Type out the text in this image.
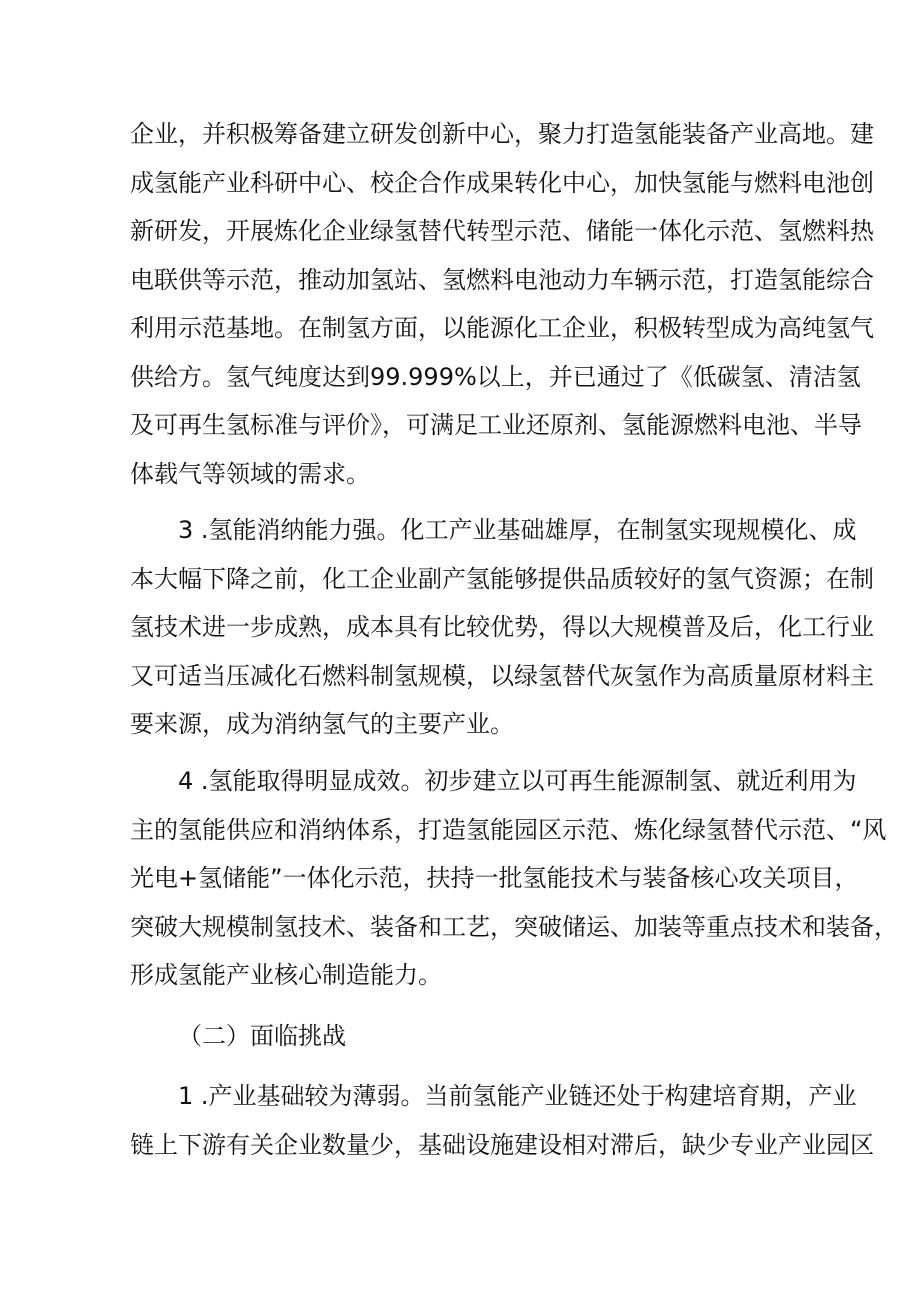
企业，并积极筹备建立研发创新中心，聚力打造氢能装备产业高地。建
成氢能产业科研中心、校企合作成果转化中心，加快氢能与燃料电池创
新研发，开展炼化企业绿氢替代转型示范、储能一体化示范、氢燃料热
电联供等示范，推动加氢站、氢燃料电池动力车辆示范，打造氢能综合
利用示范基地。在制氢方面，以能源化工企业，积极转型成为高纯氢气
供给方。氢气纯度达到99.999%以上，并已通过了《低碳氢、清洁氢
及可再生氢标准与评价》，可满足工业还原剂、氢能源燃料电池、半导
体载气等领域的需求。
3 .氢能消纳能力强。化工产业基础雄厚，在制氢实现规模化、成
本大幅下降之前，化工企业副产氢能够提供品质较好的氢气资源；在制
氢技术进一步成熟，成本具有比较优势，得以大规模普及后，化工行业
又可适当压减化石燃料制氢规模，以绿氢替代灰氢作为高质量原材料主
要来源，成为消纳氢气的主要产业。
4 .氢能取得明显成效。初步建立以可再生能源制氢、就近利用为
主的氢能供应和消纳体系，打造氢能园区示范、炼化绿氢替代示范、“风
光电+氢储能”一体化示范，扶持一批氢能技术与装备核心攻关项目，
突破大规模制氢技术、装备和工艺，突破储运、加装等重点技术和装备，
形成氢能产业核心制造能力。
（二）面临挑战
1 .产业基础较为薄弱。当前氢能产业链还处于构建培育期，产业
链上下游有关企业数量少，基础设施建设相对滞后，缺少专业产业园区
